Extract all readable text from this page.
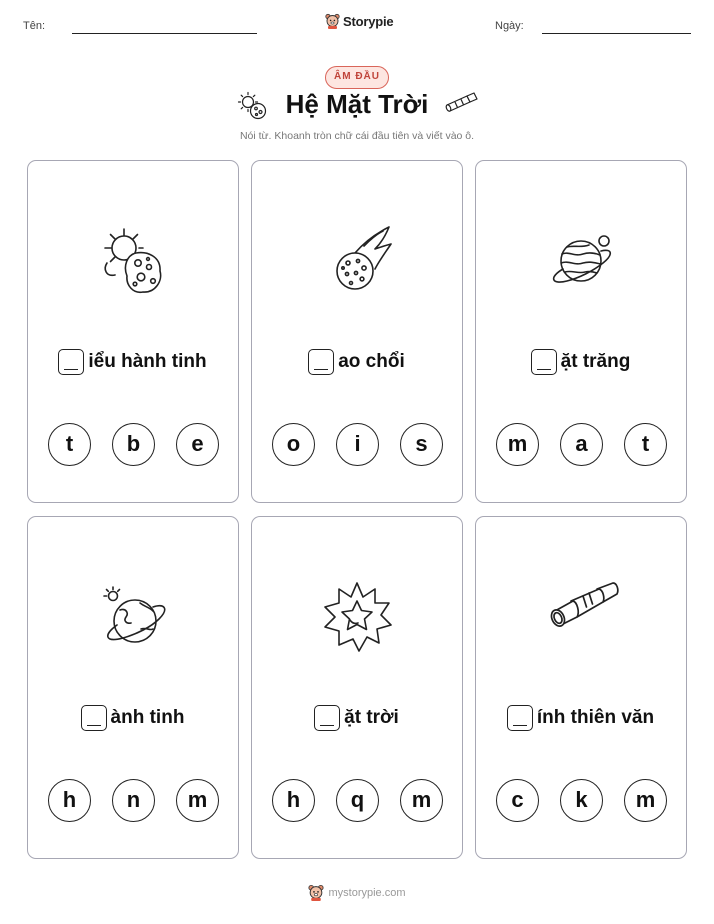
Tên:	Storypie	Ngày:
ÂM ĐẦU
Hệ Mặt Trời
Nói từ. Khoanh tròn chữ cái đầu tiên và viết vào ô.
iểu hành tinh
t	b	e
ao chổi
o	i	s
ặt trăng
m	a	t
ành tinh
h	n	m
ặt trời
h	q	m
ính thiên văn
c	k	m
mystorypie.com
